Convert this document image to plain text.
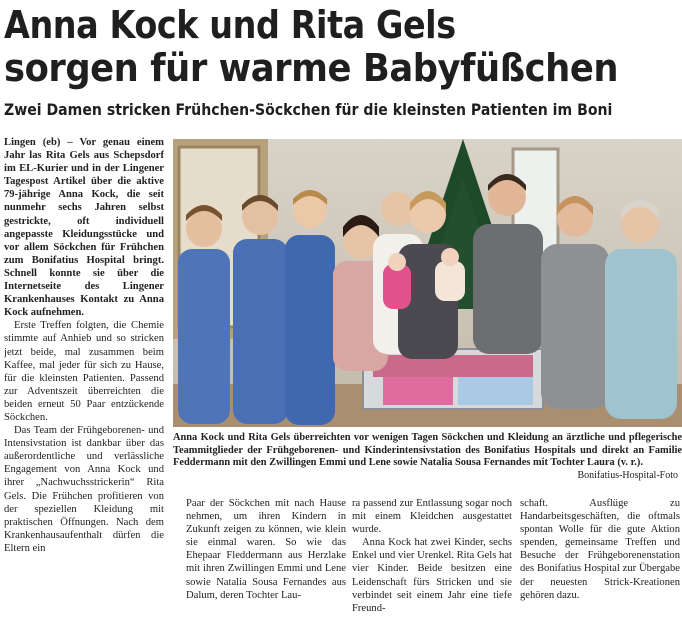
Anna Kock und Rita Gels
sorgen für warme Babyfüßchen
Zwei Damen stricken Frühchen-Söckchen für die kleinsten Patienten im Boni

Lingen (eb) – Vor genau einem Jahr las Rita Gels aus Schepsdorf im EL-Kurier und in der Lingener Tagespost Artikel über die aktive 79-jährige Anna Kock, die seit nunmehr sechs Jahren selbst gestrickte, oft individuell angepasste Kleidungsstücke und vor allem Söckchen für Frühchen zum Bonifatius Hospital bringt. Schnell konnte sie über die Internetseite des Lingener Krankenhauses Kontakt zu Anna Kock aufnehmen.

Erste Treffen folgten, die Chemie stimmte auf Anhieb und so stricken jetzt beide, mal zusammen beim Kaffee, mal jeder für sich zu Hause, für die kleinsten Patienten. Passend zur Adventszeit überreichten die beiden erneut 50 Paar entzückende Söckchen.

Das Team der Frühgeborenen- und Intensivstation ist dankbar über das außerordentliche und verlässliche Engagement von Anna Kock und ihrer „Nachwuchsstrickerin“ Rita Gels. Die Frühchen profitieren von der speziellen Kleidung mit praktischen Öffnungen. Nach dem Krankenhausaufenthalt dürfen die Eltern ein

Anna Kock und Rita Gels überreichten vor wenigen Tagen Söckchen und Kleidung an ärztliche und pflegerische Teammitglieder der Frühgeborenen- und Kinderintensivstation des Bonifatius Hospitals und direkt an Familie Feddermann mit den Zwillingen Emmi und Lene sowie Natalia Sousa Fernandes mit Tochter Laura (v. r.).
Bonifatius-Hospital-Foto

Paar der Söckchen mit nach Hause nehmen, um ihren Kindern in Zukunft zeigen zu können, wie klein sie einmal waren. So wie das Ehepaar Fleddermann aus Herzlake mit ihren Zwillingen Emmi und Lene sowie Natalia Sousa Fernandes aus Dalum, deren Tochter Lau-

ra passend zur Entlassung sogar noch mit einem Kleidchen ausgestattet wurde.

Anna Kock hat zwei Kinder, sechs Enkel und vier Urenkel. Rita Gels hat vier Kinder. Beide besitzen eine Leidenschaft fürs Stricken und sie verbindet seit einem Jahr eine tiefe Freund-

schaft. Ausflüge zu Handarbeitsgeschäften, die oftmals spontan Wolle für die gute Aktion spenden, gemeinsame Treffen und Besuche der Frühgeborenenstation des Bonifatius Hospital zur Übergabe der neuesten Strick-Kreationen gehören dazu.
